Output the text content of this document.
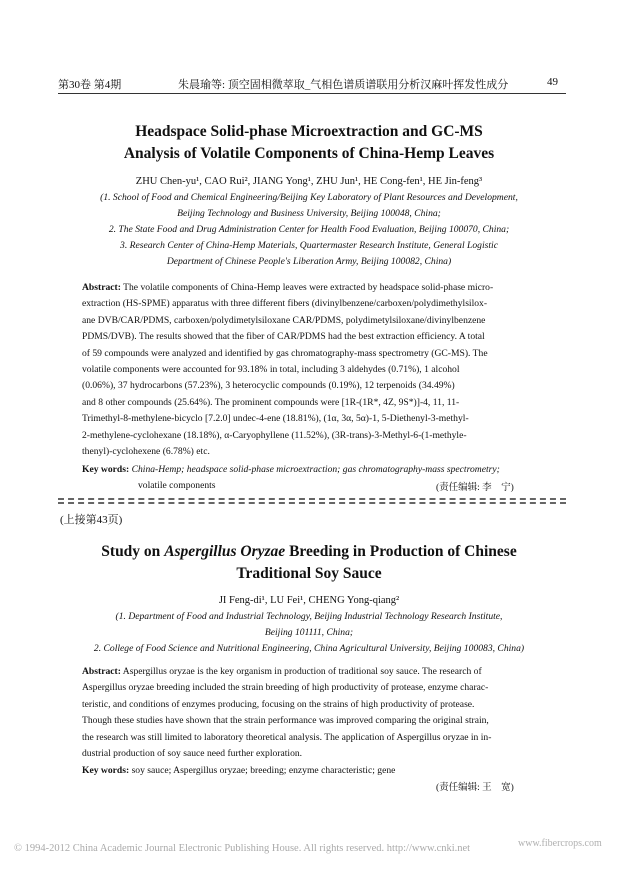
第30卷 第4期	朱晨瑜等: 顶空固相微萃取_气相色谱质谱联用分析汉麻叶挥发性成分	49
Headspace Solid-phase Microextraction and GC-MS
Analysis of Volatile Components of China-Hemp Leaves
ZHU Chen-yu¹, CAO Rui², JIANG Yong¹, ZHU Jun¹, HE Cong-fen¹, HE Jin-feng³
(1. School of Food and Chemical Engineering/Beijing Key Laboratory of Plant Resources and Development,
Beijing Technology and Business University, Beijing 100048, China;
2. The State Food and Drug Administration Center for Health Food Evaluation, Beijing 100070, China;
3. Research Center of China-Hemp Materials, Quartermaster Research Institute, General Logistic
Department of Chinese People's Liberation Army, Beijing 100082, China)
Abstract: The volatile components of China-Hemp leaves were extracted by headspace solid-phase micro-
extraction (HS-SPME) apparatus with three different fibers (divinylbenzene/carboxen/polydimethylsilox-
ane DVB/CAR/PDMS, carboxen/polydimetylsiloxane CAR/PDMS, polydimetylsiloxane/divinylbenzene
PDMS/DVB). The results showed that the fiber of CAR/PDMS had the best extraction efficiency. A total
of 59 compounds were analyzed and identified by gas chromatography-mass spectrometry (GC-MS). The
volatile components were accounted for 93.18% in total, including 3 aldehydes (0.71%), 1 alcohol
(0.06%), 37 hydrocarbons (57.23%), 3 heterocyclic compounds (0.19%), 12 terpenoids (34.49%)
and 8 other compounds (25.64%). The prominent compounds were [1R-(1R*, 4Z, 9S*)]-4, 11, 11-
Trimethyl-8-methylene-bicyclo [7.2.0] undec-4-ene (18.81%), (1α, 3α, 5α)-1, 5-Diethenyl-3-methyl-
2-methylene-cyclohexane (18.18%), α-Caryophyllene (11.52%), (3R-trans)-3-Methyl-6-(1-methyle-
thenyl)-cyclohexene (6.78%) etc.
Key words: China-Hemp; headspace solid-phase microextraction; gas chromatography-mass spectrometry;
volatile components	(责任编辑: 李　宁)
(上接第43页)
Study on Aspergillus Oryzae Breeding in Production of Chinese
Traditional Soy Sauce
JI Feng-di¹, LU Fei¹, CHENG Yong-qiang²
(1. Department of Food and Industrial Technology, Beijing Industrial Technology Research Institute,
Beijing 101111, China;
2. College of Food Science and Nutritional Engineering, China Agricultural University, Beijing 100083, China)
Abstract: Aspergillus oryzae is the key organism in production of traditional soy sauce. The research of
Aspergillus oryzae breeding included the strain breeding of high productivity of protease, enzyme charac-
teristic, and conditions of enzymes producing, focusing on the strains of high productivity of protease.
Though these studies have shown that the strain performance was improved comparing the original strain,
the research was still limited to laboratory theoretical analysis. The application of Aspergillus oryzae in in-
dustrial production of soy sauce need further exploration.
Key words: soy sauce; Aspergillus oryzae; breeding; enzyme characteristic; gene
(责任编辑: 王　宽)
© 1994-2012 China Academic Journal Electronic Publishing House. All rights reserved. http://www.cnki.net	www.fibercrops.com
